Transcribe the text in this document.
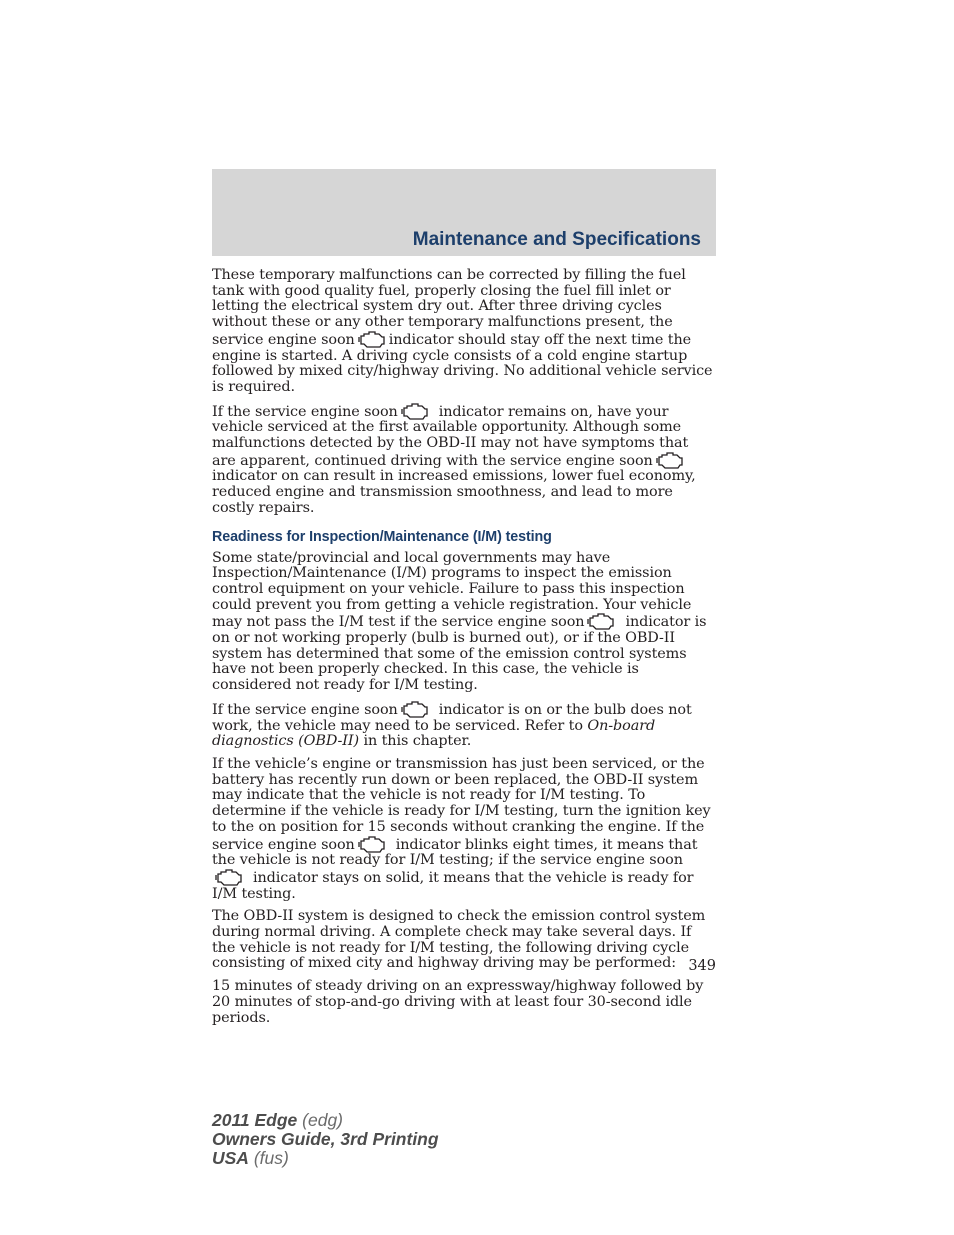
Maintenance and Specifications

These temporary malfunctions can be corrected by filling the fuel tank with good quality fuel, properly closing the fuel fill inlet or letting the electrical system dry out. After three driving cycles without these or any other temporary malfunctions present, the service engine soon indicator should stay off the next time the engine is started. A driving cycle consists of a cold engine startup followed by mixed city/highway driving. No additional vehicle service is required.

If the service engine soon	indicator remains on, have your vehicle serviced at the first available opportunity. Although some malfunctions detected by the OBD-II may not have symptoms that are apparent, continued driving with the service engine soonindicator on can result in increased emissions, lower fuel economy, reduced engine and transmission smoothness, and lead to more costly repairs.

Readiness for Inspection/Maintenance (I/M) testing

Some state/provincial and local governments may have Inspection/Maintenance (I/M) programs to inspect the emission control equipment on your vehicle. Failure to pass this inspection could prevent you from getting a vehicle registration. Your vehicle may not pass the I/M test if the service engine soon	indicator is on or not working properly (bulb is burned out), or if the OBD-II system has determined that some of the emission control systems have not been properly checked. In this case, the vehicle is considered not ready for I/M testing.

If the service engine soon	indicator is on or the bulb does not work, the vehicle may need to be serviced. Refer to On-board diagnostics (OBD-II) in this chapter.

If the vehicle’s engine or transmission has just been serviced, or the battery has recently run down or been replaced, the OBD-II system may indicate that the vehicle is not ready for I/M testing. To determine if the vehicle is ready for I/M testing, turn the ignition key to the on position for 15 seconds without cranking the engine. If the service engine soon	indicator blinks eight times, it means that the vehicle is not ready for I/M testing; if the service engine soonindicator stays on solid, it means that the vehicle is ready for I/M testing.

The OBD-II system is designed to check the emission control system during normal driving. A complete check may take several days. If the vehicle is not ready for I/M testing, the following driving cycle consisting of mixed city and highway driving may be performed:

15 minutes of steady driving on an expressway/highway followed by 20 minutes of stop-and-go driving with at least four 30-second idle periods.

349
2011 Edge (edg)
Owners Guide, 3rd Printing
USA (fus)
